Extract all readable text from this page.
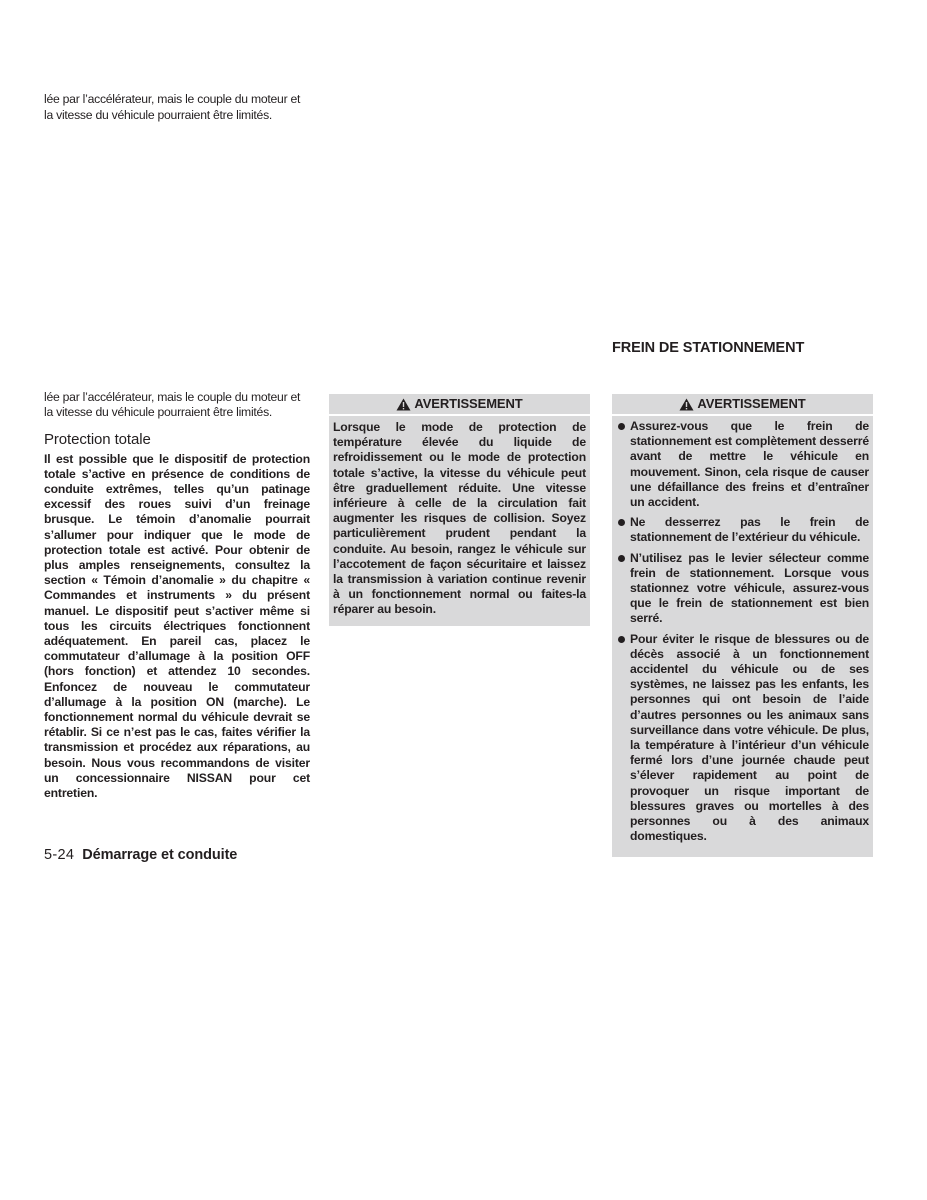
lée par l’accélérateur, mais le couple du moteur et la vitesse du véhicule pourraient être limités.
lée par l’accélérateur, mais le couple du moteur et la vitesse du véhicule pourraient être limités.
Protection totale
Il est possible que le dispositif de protection totale s’active en présence de conditions de conduite extrêmes, telles qu’un patinage excessif des roues suivi d’un freinage brusque. Le témoin d’anomalie pourrait s’allumer pour indiquer que le mode de protection totale est activé. Pour obtenir de plus amples renseignements, consultez la section « Témoin d’anomalie » du chapitre « Commandes et instruments » du présent manuel. Le dispositif peut s’activer même si tous les circuits électriques fonctionnent adéquatement. En pareil cas, placez le commutateur d’allumage à la position OFF (hors fonction) et attendez 10 secondes. Enfoncez de nouveau le commutateur d’allumage à la position ON (marche). Le fonctionnement normal du véhicule devrait se rétablir. Si ce n’est pas le cas, faites vérifier la transmission et procédez aux réparations, au besoin. Nous vous recommandons de visiter un concessionnaire NISSAN pour cet entretien.
AVERTISSEMENT
Lorsque le mode de protection de température élevée du liquide de refroidissement ou le mode de protection totale s’active, la vitesse du véhicule peut être graduellement réduite. Une vitesse inférieure à celle de la circulation fait augmenter les risques de collision. Soyez particulièrement prudent pendant la conduite. Au besoin, rangez le véhicule sur l’accotement de façon sécuritaire et laissez la transmission à variation continue revenir à un fonctionnement normal ou faites-la réparer au besoin.
FREIN DE STATIONNEMENT
AVERTISSEMENT
Assurez-vous que le frein de stationnement est complètement desserré avant de mettre le véhicule en mouvement. Sinon, cela risque de causer une défaillance des freins et d’entraîner un accident.
Ne desserrez pas le frein de stationnement de l’extérieur du véhicule.
N’utilisez pas le levier sélecteur comme frein de stationnement. Lorsque vous stationnez votre véhicule, assurez-vous que le frein de stationnement est bien serré.
Pour éviter le risque de blessures ou de décès associé à un fonctionnement accidentel du véhicule ou de ses systèmes, ne laissez pas les enfants, les personnes qui ont besoin de l’aide d’autres personnes ou les animaux sans surveillance dans votre véhicule. De plus, la température à l’intérieur d’un véhicule fermé lors d’une journée chaude peut s’élever rapidement au point de provoquer un risque important de blessures graves ou mortelles à des personnes ou à des animaux domestiques.
5-24 Démarrage et conduite
